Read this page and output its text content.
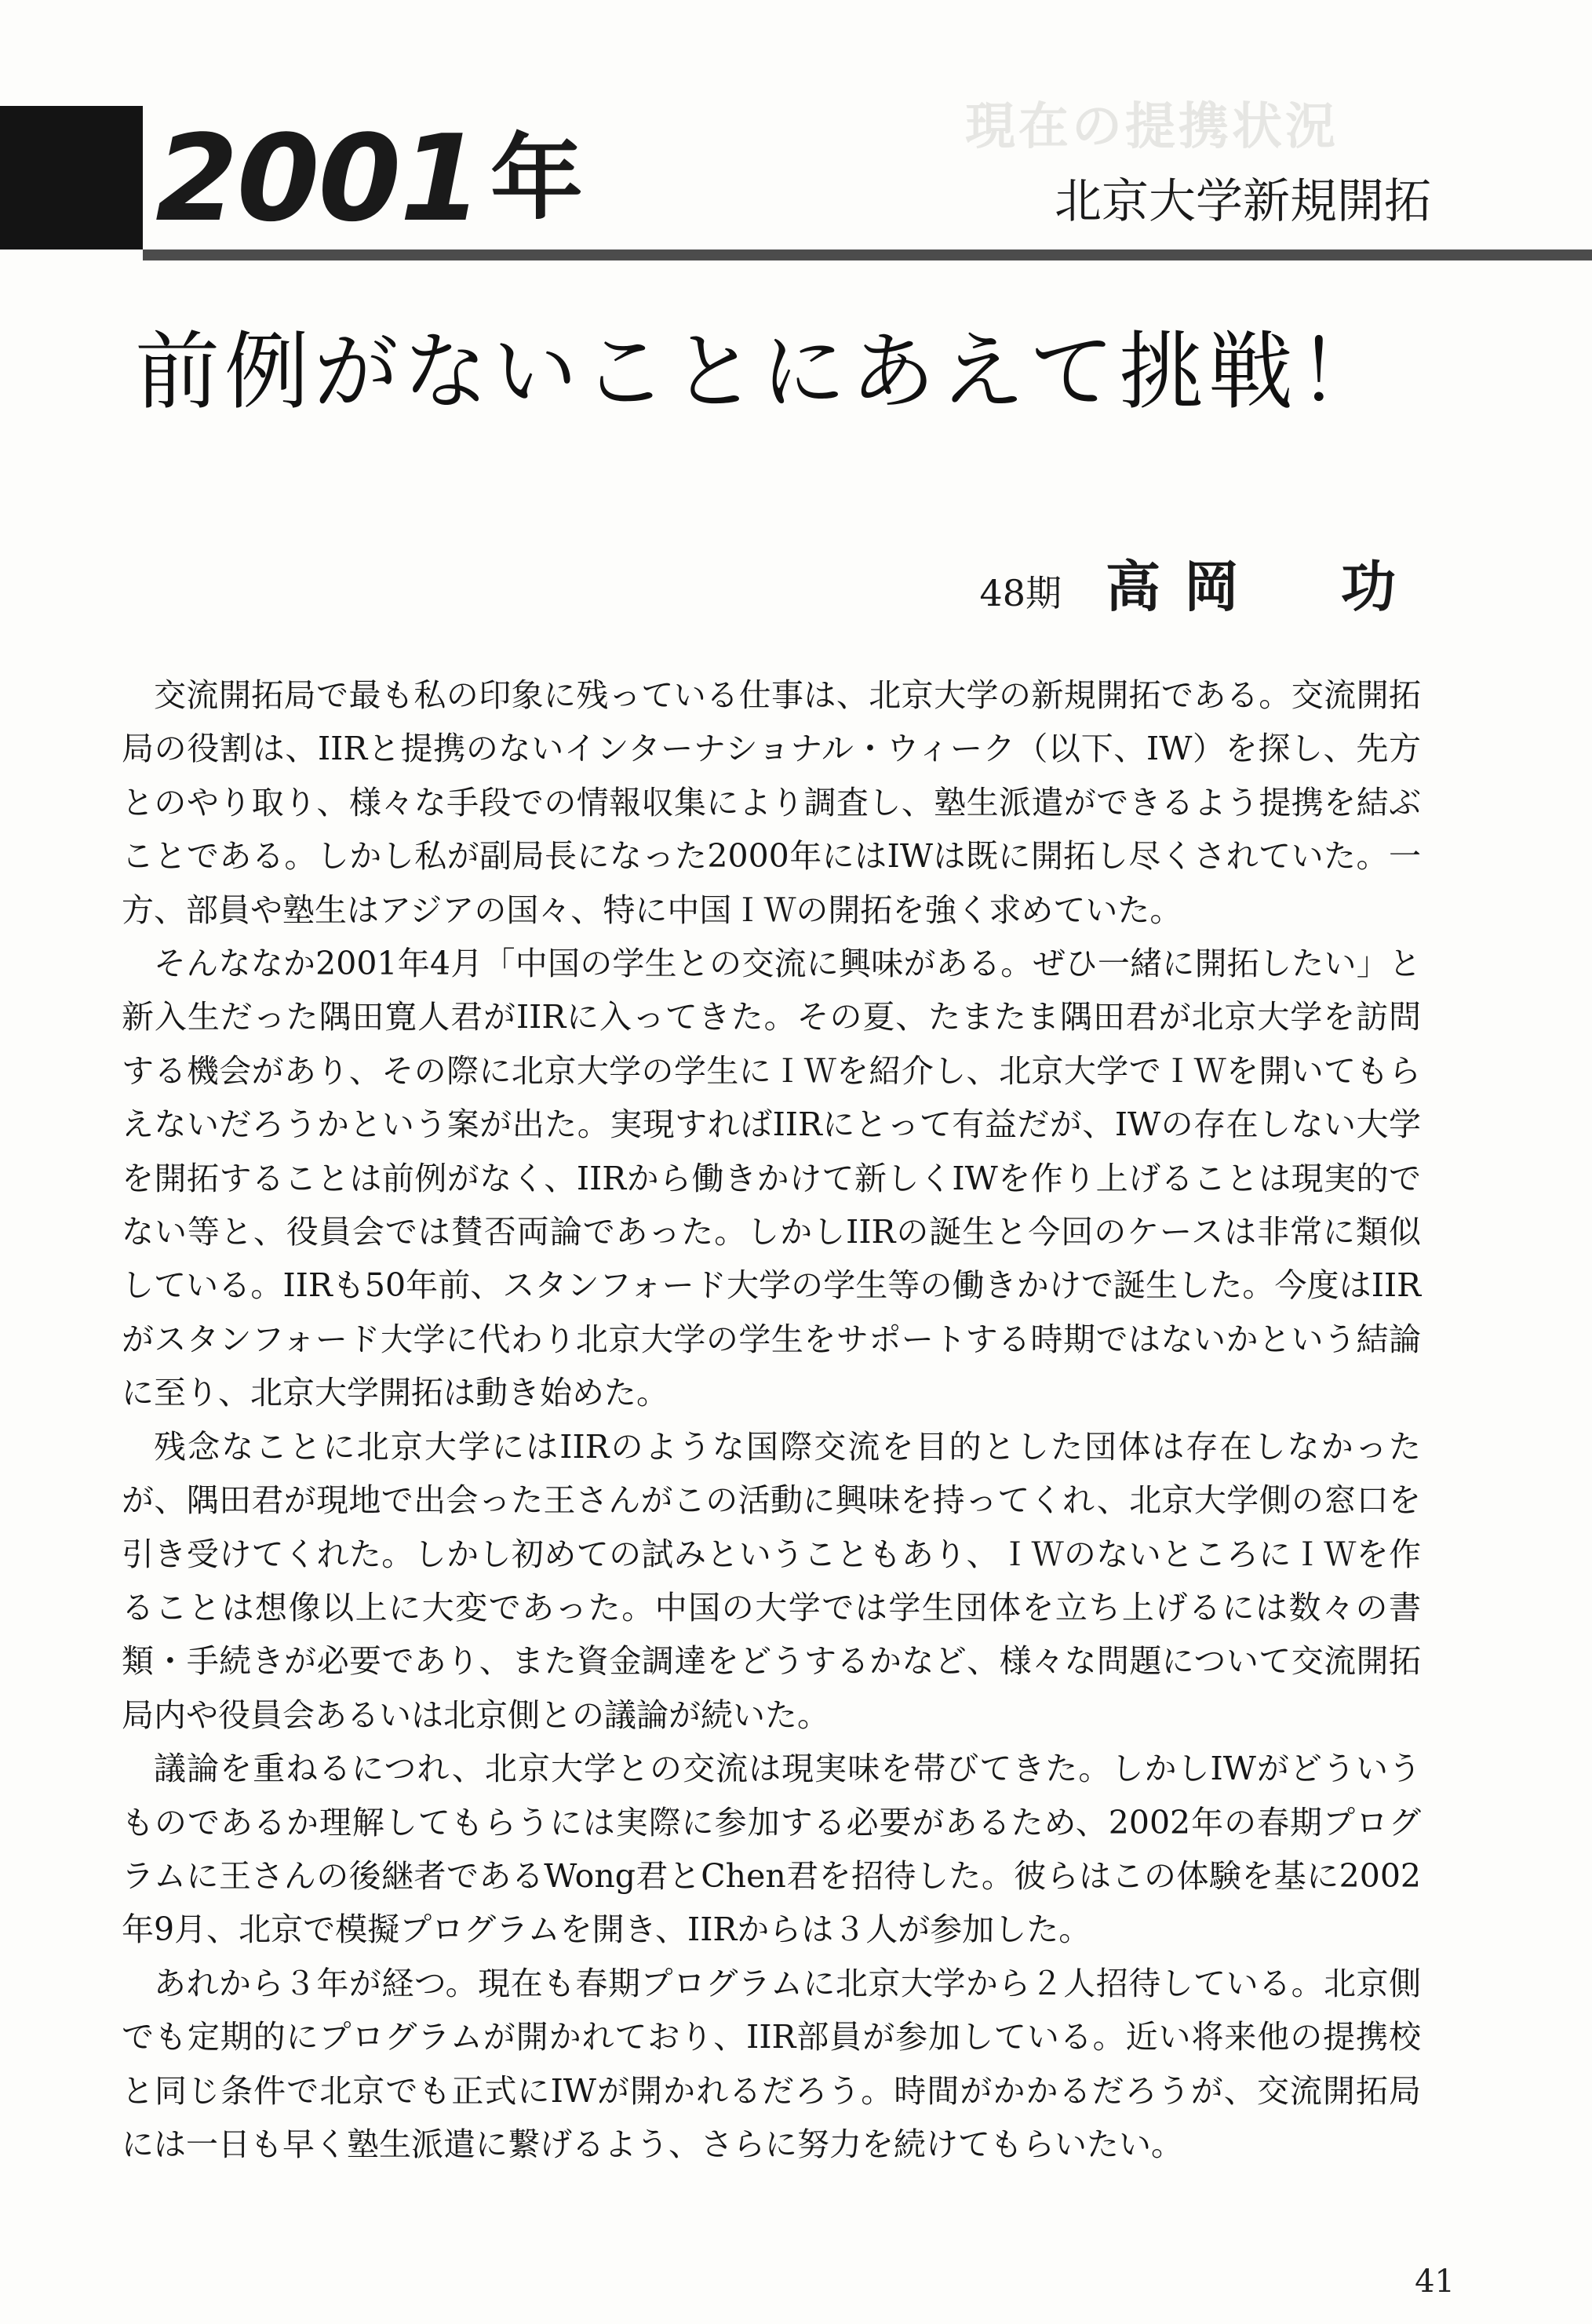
現在の提携状況
2001 年	北京大学新規開拓
前例がないことにあえて挑戦！
48期 高岡　功

交流開拓局で最も私の印象に残っている仕事は、北京大学の新規開拓である。交流開拓局の役割は、IIRと提携のないインターナショナル・ウィーク（以下、IW）を探し、先方とのやり取り、様々な手段での情報収集により調査し、塾生派遣ができるよう提携を結ぶことである。しかし私が副局長になった2000年にはIWは既に開拓し尽くされていた。一方、部員や塾生はアジアの国々、特に中国ＩＷの開拓を強く求めていた。

そんななか2001年4月「中国の学生との交流に興味がある。ぜひ一緒に開拓したい」と新入生だった隅田寛人君がIIRに入ってきた。その夏、たまたま隅田君が北京大学を訪問する機会があり、その際に北京大学の学生にＩＷを紹介し、北京大学でＩＷを開いてもらえないだろうかという案が出た。実現すればIIRにとって有益だが、IWの存在しない大学を開拓することは前例がなく、IIRから働きかけて新しくIWを作り上げることは現実的でない等と、役員会では賛否両論であった。しかしIIRの誕生と今回のケースは非常に類似している。IIRも50年前、スタンフォード大学の学生等の働きかけで誕生した。今度はIIRがスタンフォード大学に代わり北京大学の学生をサポートする時期ではないかという結論に至り、北京大学開拓は動き始めた。

残念なことに北京大学にはIIRのような国際交流を目的とした団体は存在しなかったが、隅田君が現地で出会った王さんがこの活動に興味を持ってくれ、北京大学側の窓口を引き受けてくれた。しかし初めての試みということもあり、ＩＷのないところにＩＷを作ることは想像以上に大変であった。中国の大学では学生団体を立ち上げるには数々の書類・手続きが必要であり、また資金調達をどうするかなど、様々な問題について交流開拓局内や役員会あるいは北京側との議論が続いた。

議論を重ねるにつれ、北京大学との交流は現実味を帯びてきた。しかしIWがどういうものであるか理解してもらうには実際に参加する必要があるため、2002年の春期プログラムに王さんの後継者であるWong君とChen君を招待した。彼らはこの体験を基に2002年9月、北京で模擬プログラムを開き、IIRからは３人が参加した。

あれから３年が経つ。現在も春期プログラムに北京大学から２人招待している。北京側でも定期的にプログラムが開かれており、IIR部員が参加している。近い将来他の提携校と同じ条件で北京でも正式にIWが開かれるだろう。時間がかかるだろうが、交流開拓局には一日も早く塾生派遣に繋げるよう、さらに努力を続けてもらいたい。

41
